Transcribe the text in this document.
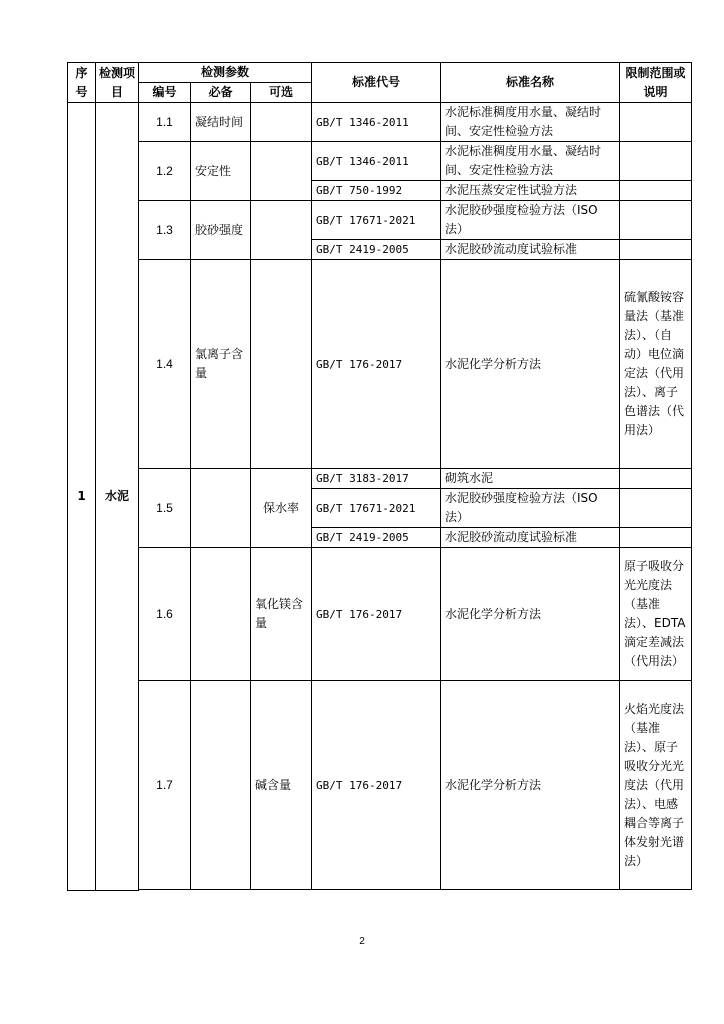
序号	检测项目	检测参数			标准代号	标准名称	限制范围或说明
		编号	必备	可选			
1	水泥	1.1	凝结时间		GB/T 1346-2011	水泥标准稠度用水量、凝结时间、安定性检验方法	
		1.2	安定性		GB/T 1346-2011	水泥标准稠度用水量、凝结时间、安定性检验方法	
					GB/T 750-1992	水泥压蒸安定性试验方法	
		1.3	胶砂强度		GB/T 17671-2021	水泥胶砂强度检验方法（ISO法）	
					GB/T 2419-2005	水泥胶砂流动度试验标准	
		1.4	氯离子含量		GB/T 176-2017	水泥化学分析方法	硫氰酸铵容量法（基准法）、（自动）电位滴定法（代用法）、离子色谱法（代用法）
		1.5		保水率	GB/T 3183-2017	砌筑水泥	
					GB/T 17671-2021	水泥胶砂强度检验方法（ISO法）	
					GB/T 2419-2005	水泥胶砂流动度试验标准	
		1.6		氧化镁含量	GB/T 176-2017	水泥化学分析方法	原子吸收分光光度法（基准法）、EDTA滴定差减法（代用法）
		1.7		碱含量	GB/T 176-2017	水泥化学分析方法	火焰光度法（基准法）、原子吸收分光光度法（代用法）、电感耦合等离子体发射光谱法）

2
